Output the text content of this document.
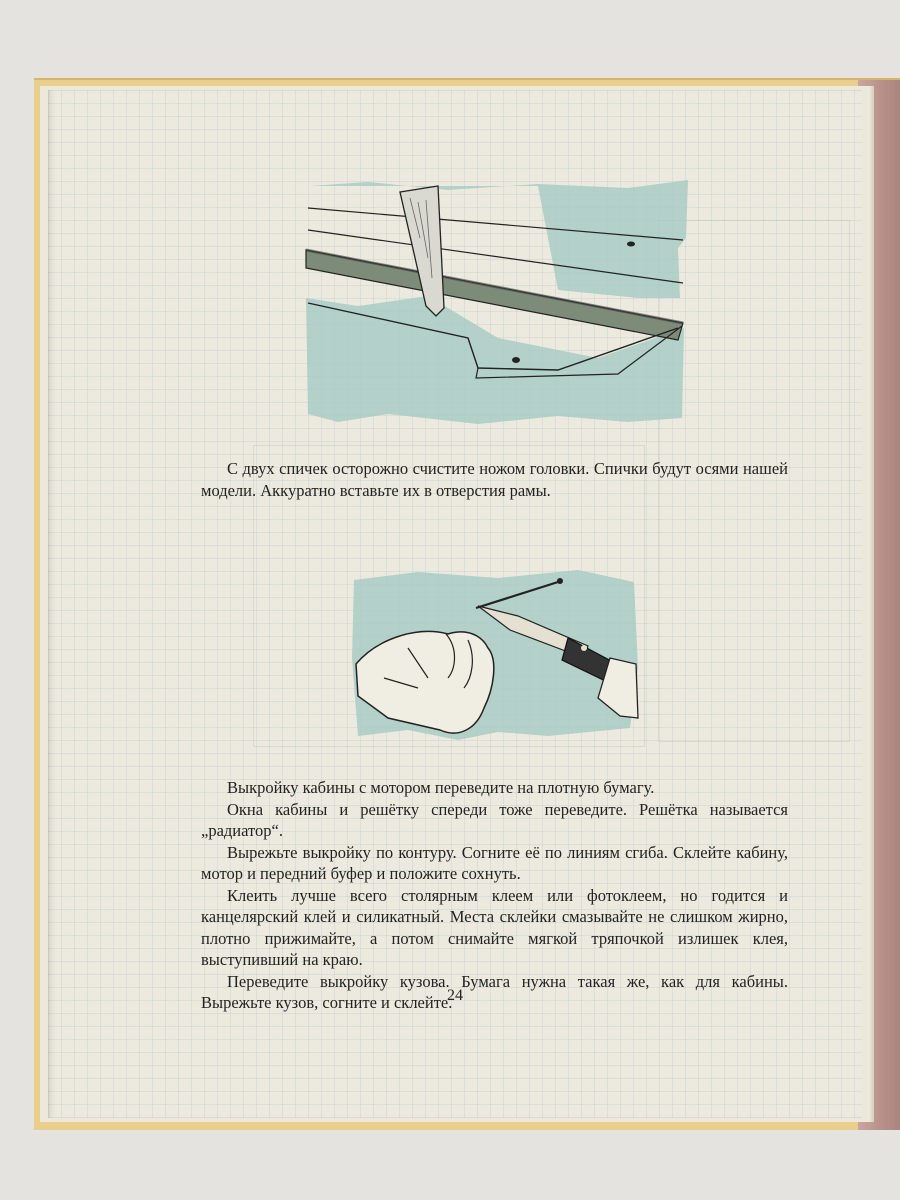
С двух спичек осторожно счистите ножом головки. Спички будут осями нашей модели. Аккуратно вставьте их в отверстия рамы.

Выкройку кабины с мотором переведите на плотную бумагу.

Окна кабины и решётку спереди тоже переведите. Решётка называется „радиатор“.

Вырежьте выкройку по контуру. Согните её по линиям сгиба. Склейте кабину, мотор и передний буфер и положите сохнуть.

Клеить лучше всего столярным клеем или фотоклеем, но годится и канцелярский клей и силикатный. Места склейки смазывайте не слишком жирно, плотно прижимайте, а потом снимайте мягкой тряпочкой излишек клея, выступивший на краю.

Переведите выкройку кузова. Бумага нужна такая же, как для кабины. Вырежьте кузов, согните и склейте.

24
